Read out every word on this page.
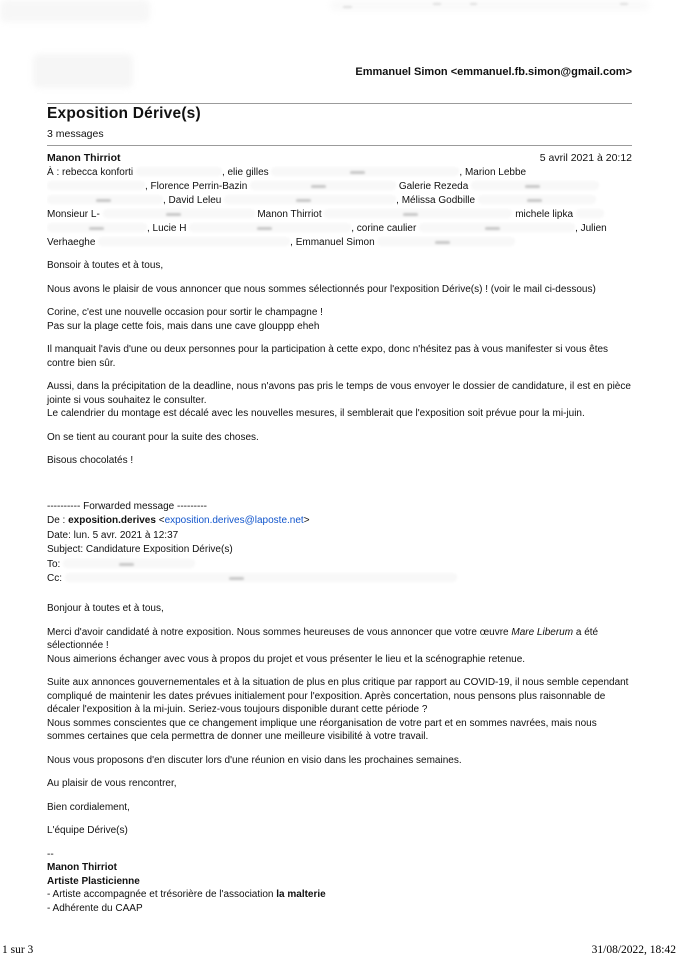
Emmanuel Simon <emmanuel.fb.simon@gmail.com>
Exposition Dérive(s)
3 messages
Manon Thirriot	5 avril 2021 à 20:12
À : rebecca konforti	, elie gilles	, Marion Lebbe
, Florence Perrin-Bazin	Galerie Rezeda
, David Leleu	, Mélissa Godbille
Monsieur L-	Manon Thirriot	michele lipka
, Lucie H	, corine caulier	, Julien
Verhaeghe	, Emmanuel Simon

Bonsoir à toutes et à tous,

Nous avons le plaisir de vous annoncer que nous sommes sélectionnés pour l'exposition Dérive(s) ! (voir le mail ci-dessous)

Corine, c'est une nouvelle occasion pour sortir le champagne !
Pas sur la plage cette fois, mais dans une cave glouppp eheh

Il manquait l'avis d'une ou deux personnes pour la participation à cette expo, donc n'hésitez pas à vous manifester si vous êtes contre bien sûr.

Aussi, dans la précipitation de la deadline, nous n'avons pas pris le temps de vous envoyer le dossier de candidature, il est en pièce jointe si vous souhaitez le consulter.
Le calendrier du montage est décalé avec les nouvelles mesures, il semblerait que l'exposition soit prévue pour la mi-juin.

On se tient au courant pour la suite des choses.

Bisous chocolatés !

---------- Forwarded message ---------
De : exposition.derives <exposition.derives@laposte.net>
Date: lun. 5 avr. 2021 à 12:37
Subject: Candidature Exposition Dérive(s)
To:
Cc:

Bonjour à toutes et à tous,

Merci d'avoir candidaté à notre exposition. Nous sommes heureuses de vous annoncer que votre œuvre Mare Liberum a été sélectionnée !
Nous aimerions échanger avec vous à propos du projet et vous présenter le lieu et la scénographie retenue.

Suite aux annonces gouvernementales et à la situation de plus en plus critique par rapport au COVID-19, il nous semble cependant compliqué de maintenir les dates prévues initialement pour l'exposition. Après concertation, nous pensons plus raisonnable de décaler l'exposition à la mi-juin. Seriez-vous toujours disponible durant cette période ?
Nous sommes conscientes que ce changement implique une réorganisation de votre part et en sommes navrées, mais nous sommes certaines que cela permettra de donner une meilleure visibilité à votre travail.

Nous vous proposons d'en discuter lors d'une réunion en visio dans les prochaines semaines.

Au plaisir de vous rencontrer,

Bien cordialement,

L'équipe Dérive(s)

--
Manon Thirriot
Artiste Plasticienne
- Artiste accompagnée et trésorière de l'association la malterie
- Adhérente du CAAP

1 sur 3	31/08/2022, 18:42
